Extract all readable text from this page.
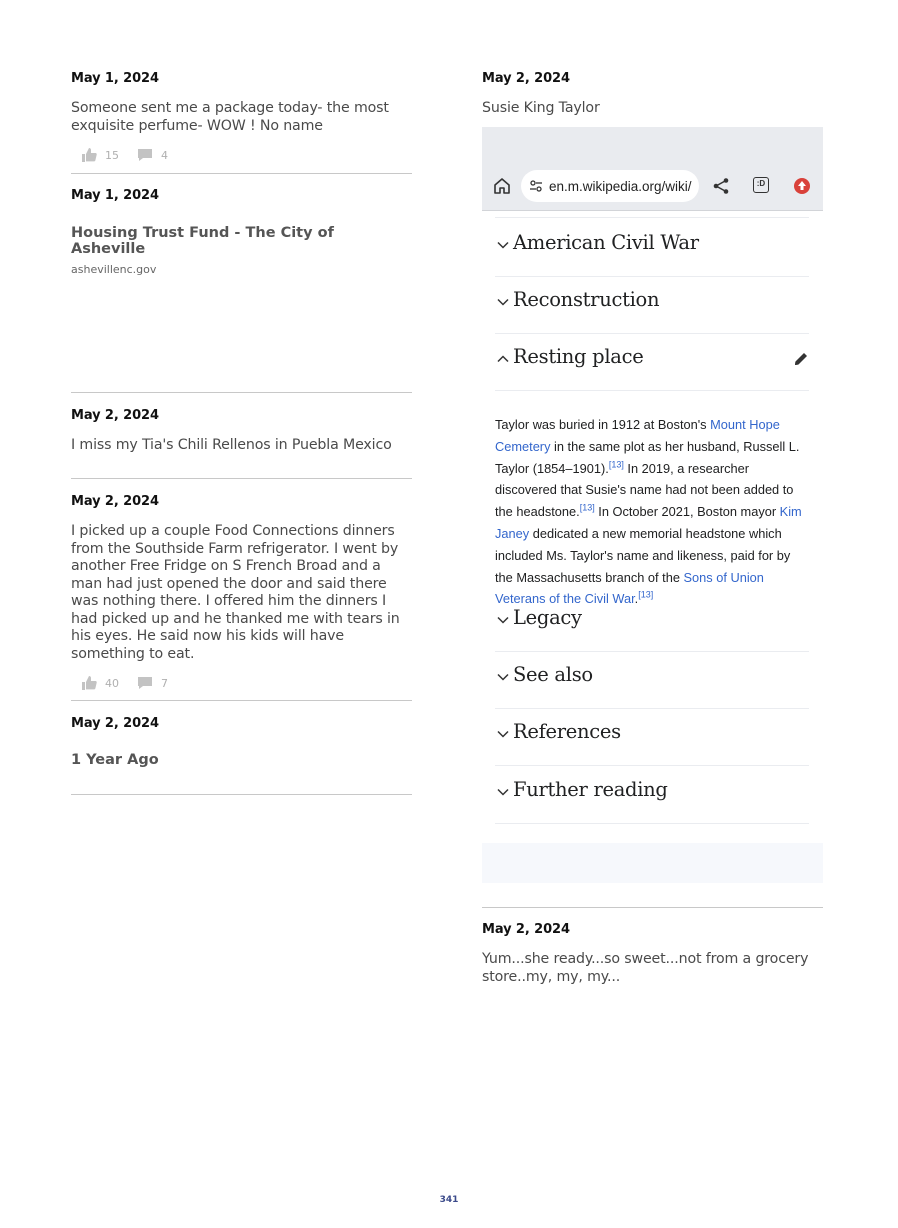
May 1, 2024
Someone sent me a package today- the most exquisite perfume- WOW ! No name
15	4
May 1, 2024
Housing Trust Fund - The City of Asheville
ashevillenc.gov
May 2, 2024
I miss my Tia's Chili Rellenos in Puebla Mexico
May 2, 2024
I picked up a couple Food Connections dinners from the Southside Farm refrigerator. I went by another Free Fridge on S French Broad and a man had just opened the door and said there was nothing there. I offered him the dinners I had picked up and he thanked me with tears in his eyes. He said now his kids will have something to eat.
40	7
May 2, 2024
1 Year Ago
May 2, 2024
Susie King Taylor
en.m.wikipedia.org/wiki/	:D
American Civil War
Reconstruction
Resting place
Taylor was buried in 1912 at Boston's Mount Hope Cemetery in the same plot as her husband, Russell L. Taylor (1854–1901).[13] In 2019, a researcher discovered that Susie's name had not been added to the headstone.[13] In October 2021, Boston mayor Kim Janey dedicated a new memorial headstone which included Ms. Taylor's name and likeness, paid for by the Massachusetts branch of the Sons of Union Veterans of the Civil War.[13]
Legacy
See also
References
Further reading
May 2, 2024
Yum...she ready...so sweet...not from a grocery store..my, my, my...
341
